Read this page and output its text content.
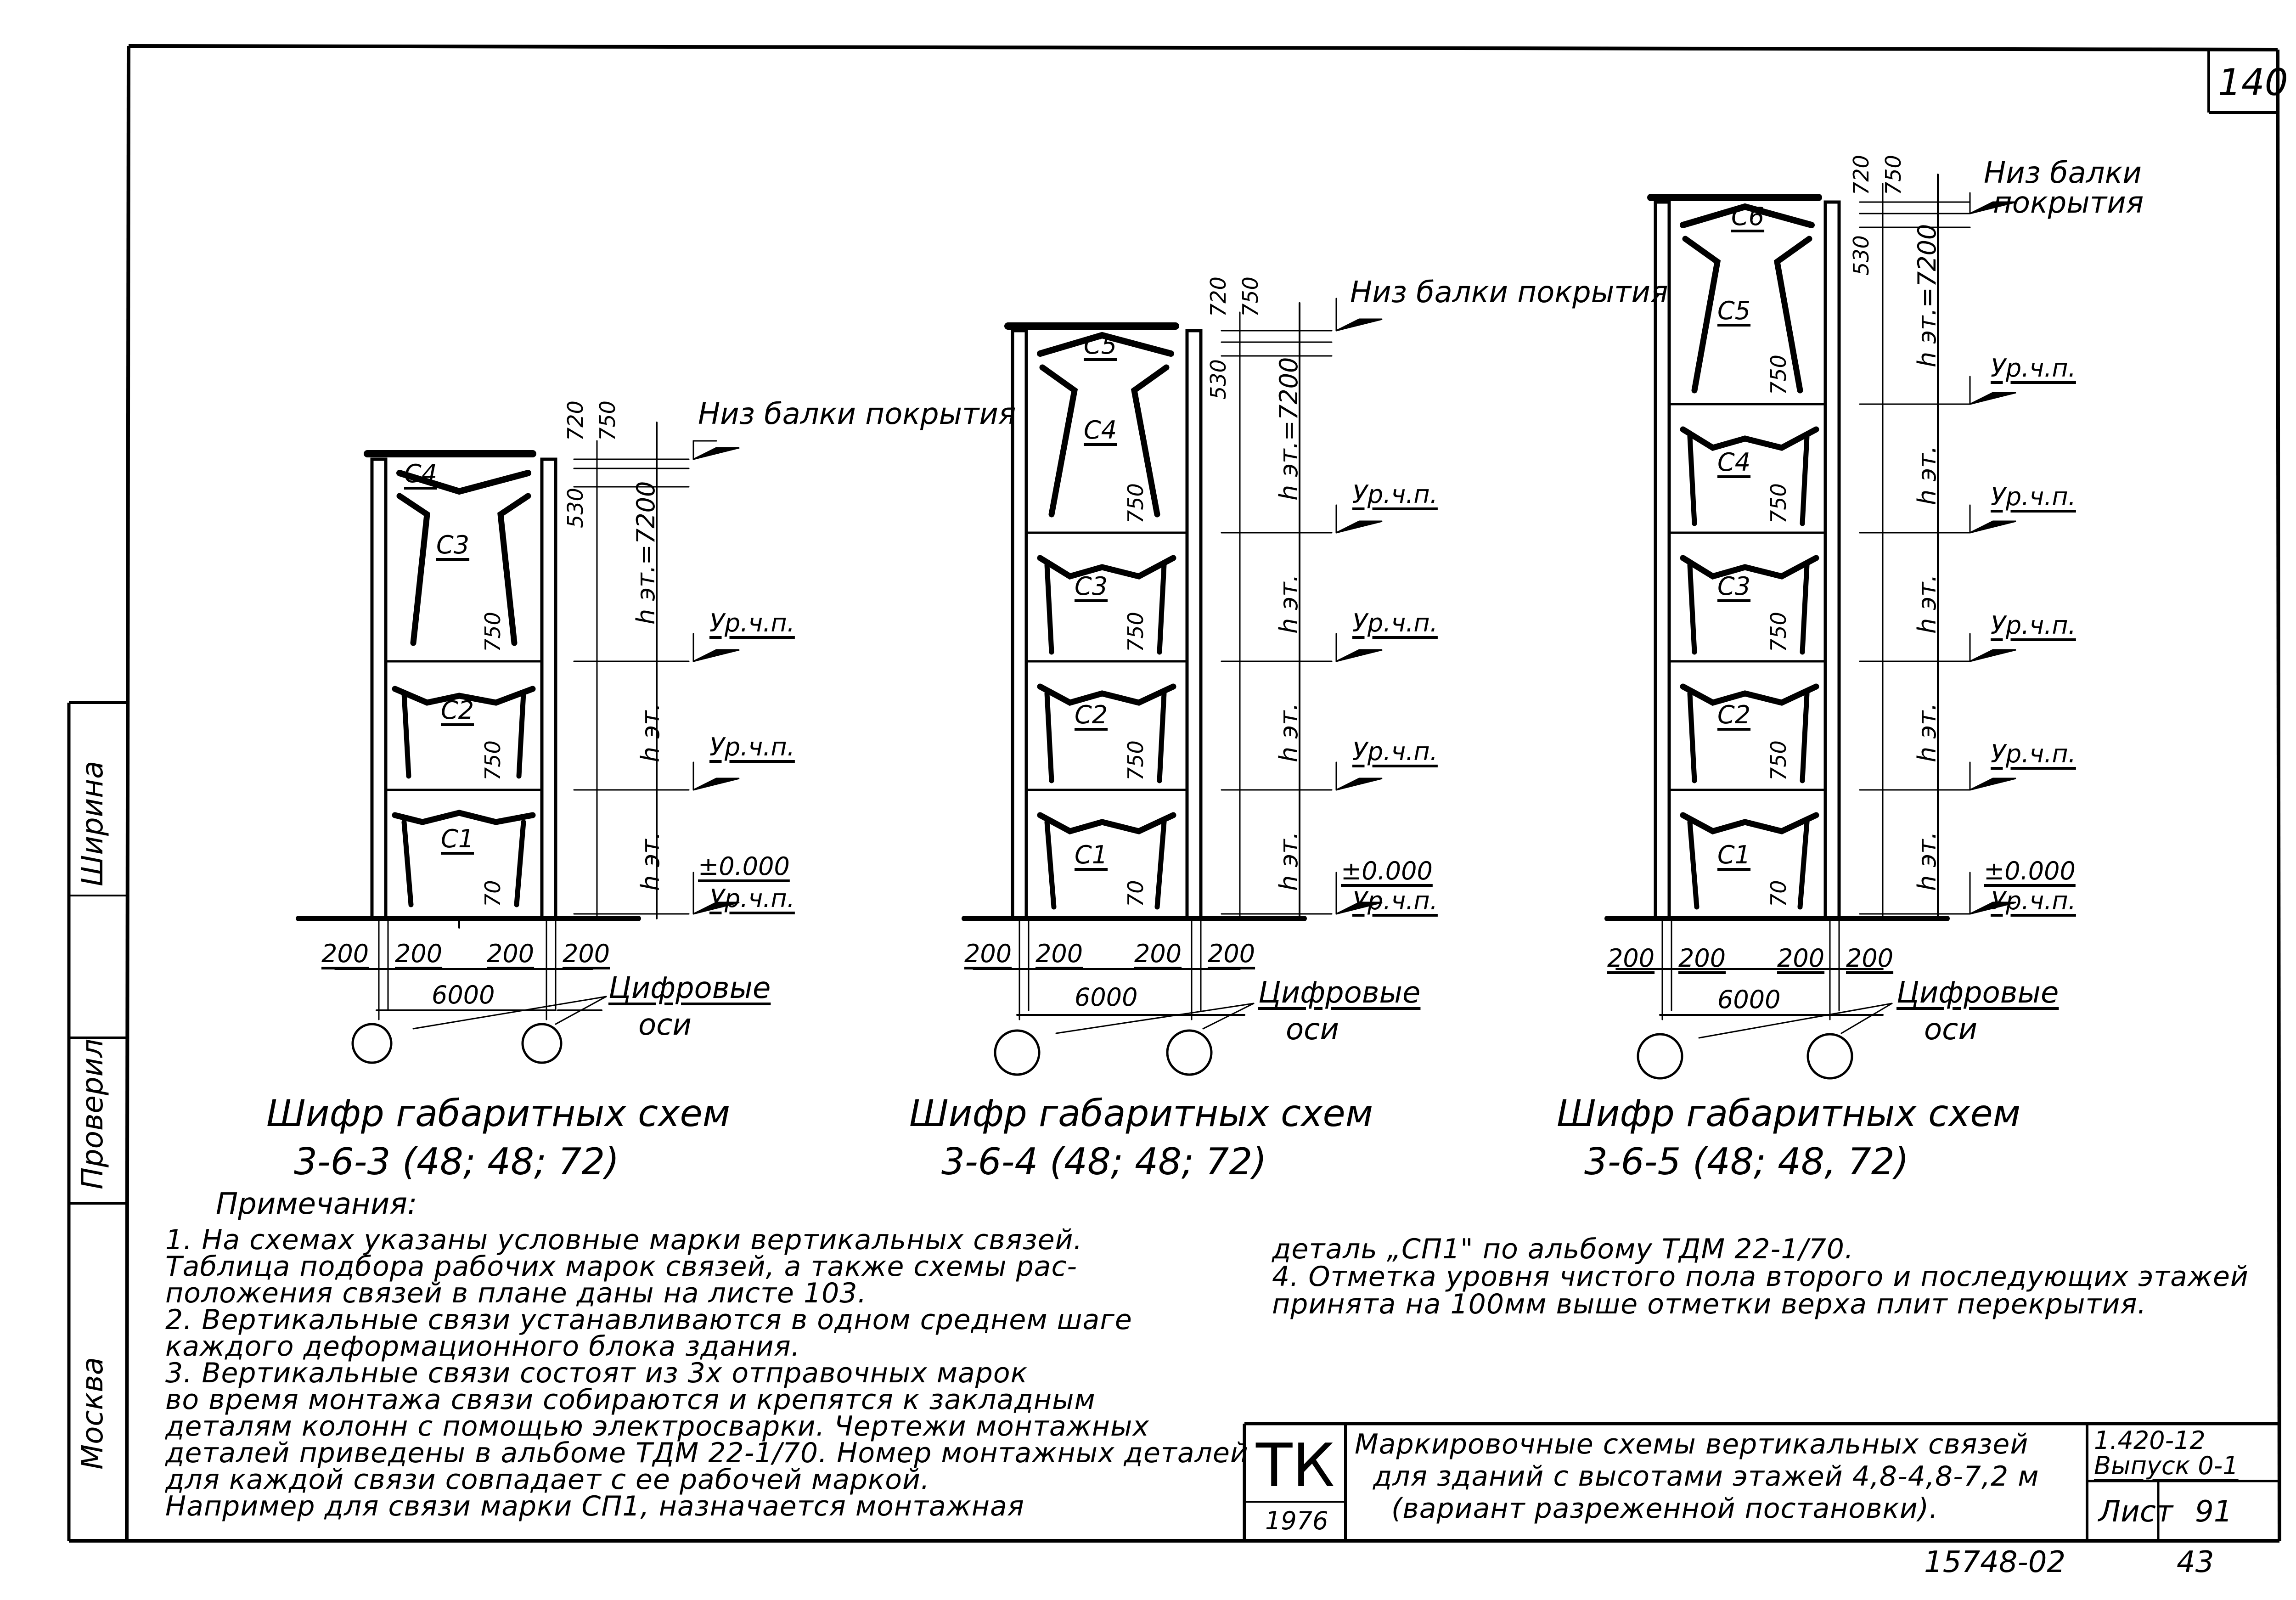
140
Низ балки покрытия
720 750
530 h эт.=7200
h эт.
h эт.
750
750
70
Ур.ч.п.
Ур.ч.п.
±0.000
Ур.ч.п.
С4
С3
С2
С1
200 200 200 200
6000	Цифровые
оси
Шифр габаритных схем
3-6-3 (48; 48; 72)
Низ балки покрытия
720 750
530 h эт.=7200
h эт.
h эт.
h эт.
750
750
750
70
Ур.ч.п.
Ур.ч.п.
Ур.ч.п.
±0.000
Ур.ч.п.
С5
С4
С3
С2
С1
200 200 200 200
6000	Цифровые
оси
Шифр габаритных схем
3-6-4 (48; 48; 72)
Низ балки
покрытия
720 750
530 h эт.=7200
h эт.
h эт.
h эт.
h эт.
750
750
750
750
70
Ур.ч.п.
Ур.ч.п.
Ур.ч.п.
Ур.ч.п.
±0.000
Ур.ч.п.
С6
С5
С4
С3
С2
С1
200 200 200 200
6000	Цифровые
оси
Шифр габаритных схем
3-6-5 (48; 48, 72)
Примечания:
1. На схемах указаны условные марки вертикальных связей.
Таблица подбора рабочих марок связей, а также схемы рас-
положения связей в плане даны на листе 103.
2. Вертикальные связи устанавливаются в одном среднем шаге
каждого деформационного блока здания.
3. Вертикальные связи состоят из 3х отправочных марок
во время монтажа связи собираются и крепятся к закладным
деталям колонн с помощью электросварки. Чертежи монтажных
деталей приведены в альбоме ТДМ 22-1/70. Номер монтажных деталей
для каждой связи совпадает с ее рабочей маркой.
Например для связи марки СП1, назначается монтажная
деталь „СП1" по альбому ТДМ 22-1/70.
4. Отметка уровня чистого пола второго и последующих этажей
принята на 100мм выше отметки верха плит перекрытия.
ТК
1976
Маркировочные схемы вертикальных связей
для зданий с высотами этажей 4,8-4,8-7,2 м
(вариант разреженной постановки).
1.420-12
Выпуск 0-1
Лист 91
15748-02	43
Ширина
Проверил
Москва
